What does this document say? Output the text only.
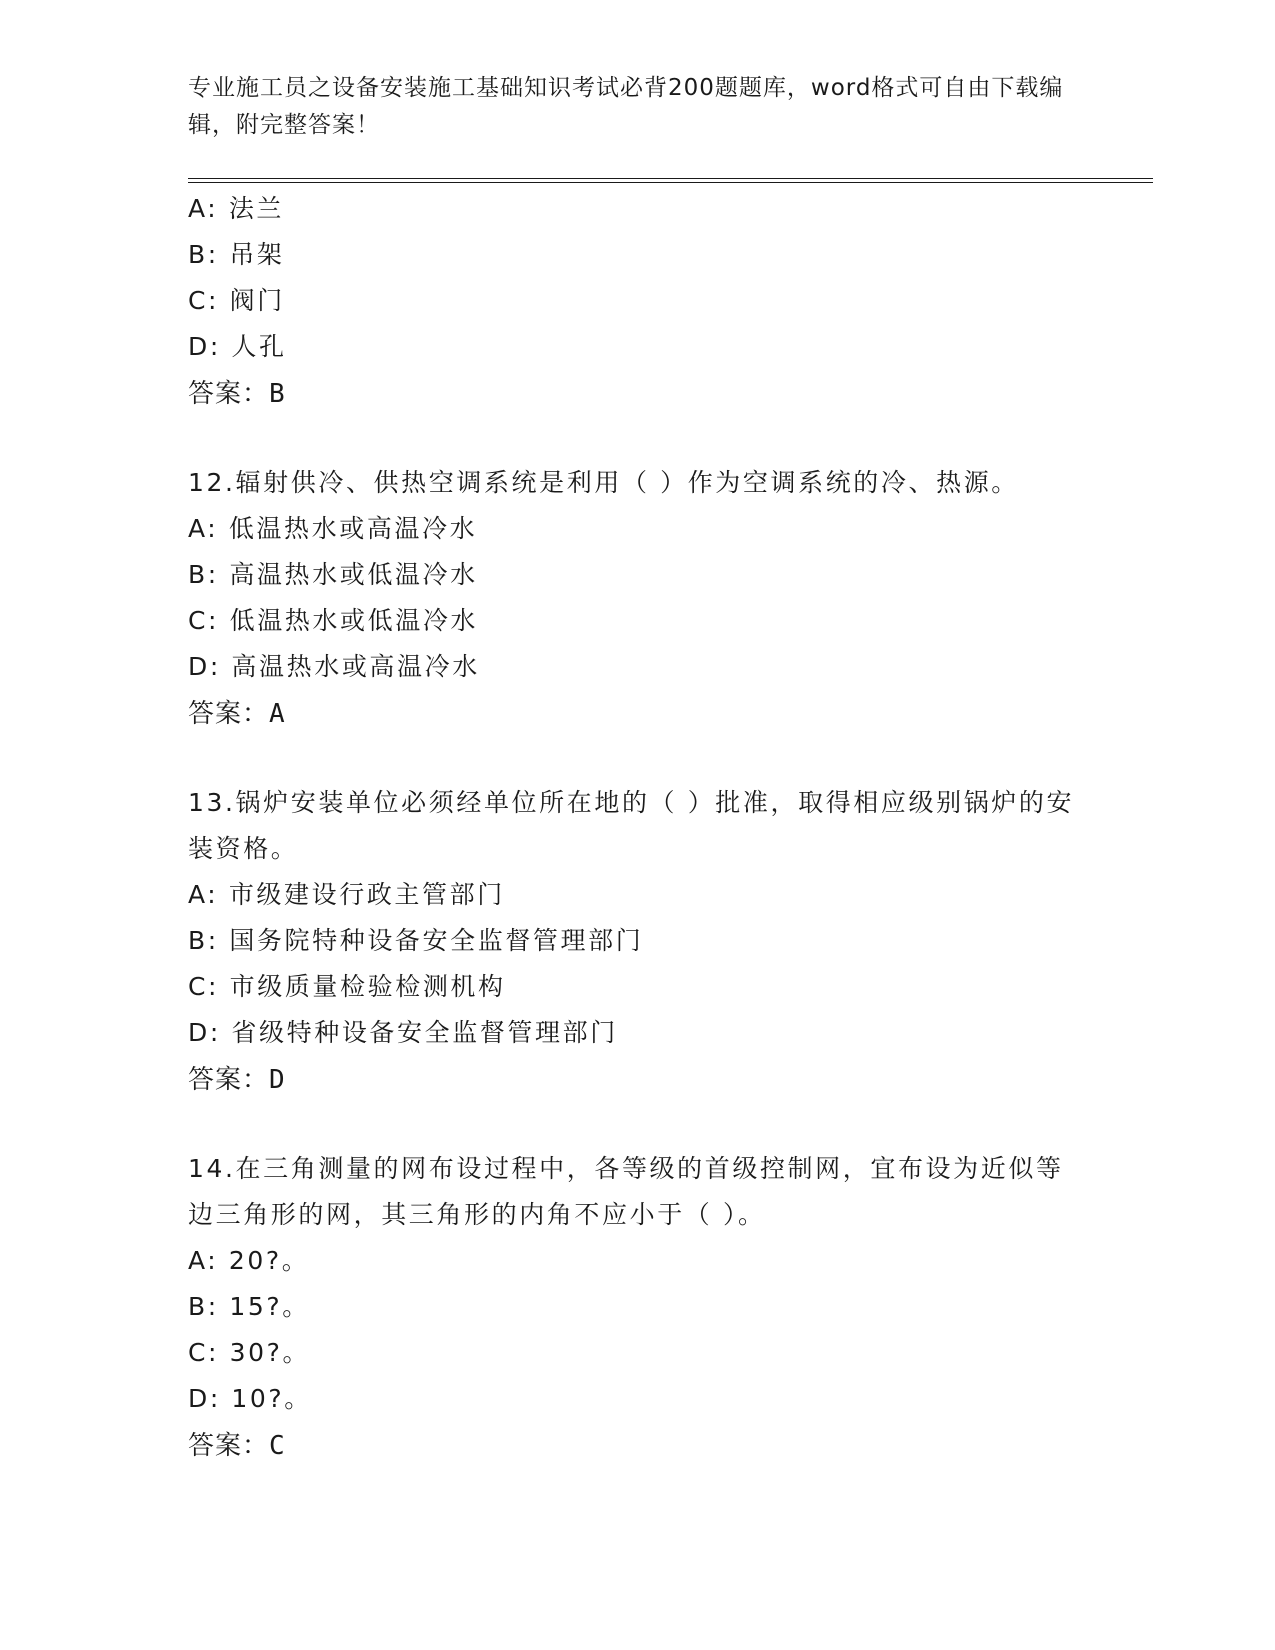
专业施工员之设备安装施工基础知识考试必背200题题库，word格式可自由下载编辑，附完整答案！
A: 法兰
B: 吊架
C: 阀门
D: 人孔
答案：B
12.辐射供冷、供热空调系统是利用（ ）作为空调系统的冷、热源。
A: 低温热水或高温冷水
B: 高温热水或低温冷水
C: 低温热水或低温冷水
D: 高温热水或高温冷水
答案：A
13.锅炉安装单位必须经单位所在地的（ ）批准，取得相应级别锅炉的安装资格。
A: 市级建设行政主管部门
B: 国务院特种设备安全监督管理部门
C: 市级质量检验检测机构
D: 省级特种设备安全监督管理部门
答案：D
14.在三角测量的网布设过程中，各等级的首级控制网，宜布设为近似等边三角形的网，其三角形的内角不应小于（ ）。
A: 20?。
B: 15?。
C: 30?。
D: 10?。
答案：C
